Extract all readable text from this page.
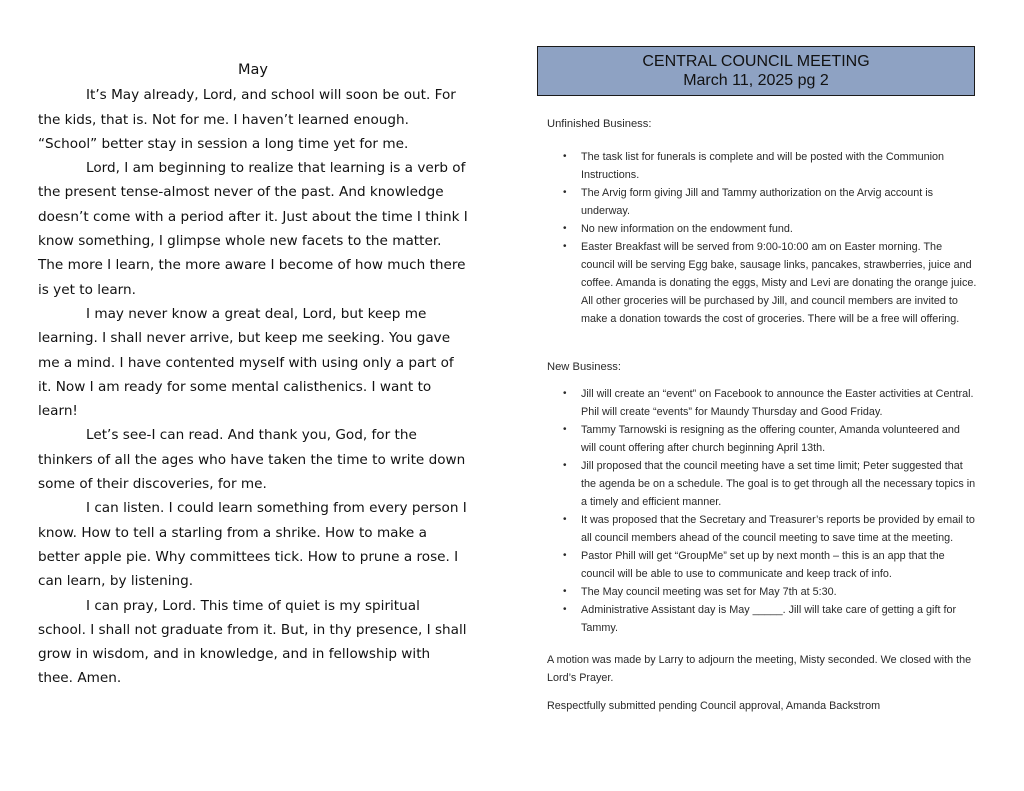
May

It’s May already, Lord, and school will soon be out. For the kids, that is. Not for me. I haven’t learned enough. “School” better stay in session a long time yet for me.

Lord, I am beginning to realize that learning is a verb of the present tense-almost never of the past. And knowledge doesn’t come with a period after it. Just about the time I think I know something, I glimpse whole new facets to the matter. The more I learn, the more aware I become of how much there is yet to learn.

I may never know a great deal, Lord, but keep me learning. I shall never arrive, but keep me seeking. You gave me a mind. I have contented myself with using only a part of it. Now I am ready for some mental calisthenics. I want to learn!

Let’s see-I can read. And thank you, God, for the thinkers of all the ages who have taken the time to write down some of their discoveries, for me.

I can listen. I could learn something from every person I know. How to tell a starling from a shrike. How to make a better apple pie. Why committees tick. How to prune a rose. I can learn, by listening.

I can pray, Lord. This time of quiet is my spiritual school. I shall not graduate from it. But, in thy presence, I shall grow in wisdom, and in knowledge, and in fellowship with thee. Amen.

CENTRAL COUNCIL MEETING
March 11, 2025 pg 2

Unfinished Business:

• The task list for funerals is complete and will be posted with the Communion Instructions.
• The Arvig form giving Jill and Tammy authorization on the Arvig account is underway.
• No new information on the endowment fund.
• Easter Breakfast will be served from 9:00-10:00 am on Easter morning. The council will be serving Egg bake, sausage links, pancakes, strawberries, juice and coffee. Amanda is donating the eggs, Misty and Levi are donating the orange juice. All other groceries will be purchased by Jill, and council members are invited to make a donation towards the cost of groceries. There will be a free will offering.

New Business:

• Jill will create an “event” on Facebook to announce the Easter activities at Central. Phil will create “events” for Maundy Thursday and Good Friday.
• Tammy Tarnowski is resigning as the offering counter, Amanda volunteered and will count offering after church beginning April 13th.
• Jill proposed that the council meeting have a set time limit; Peter suggested that the agenda be on a schedule. The goal is to get through all the necessary topics in a timely and efficient manner.
• It was proposed that the Secretary and Treasurer’s reports be provided by email to all council members ahead of the council meeting to save time at the meeting.
• Pastor Phill will get “GroupMe” set up by next month – this is an app that the council will be able to use to communicate and keep track of info.
• The May council meeting was set for May 7th at 5:30.
• Administrative Assistant day is May _____. Jill will take care of getting a gift for Tammy.

A motion was made by Larry to adjourn the meeting, Misty seconded. We closed with the Lord’s Prayer.

Respectfully submitted pending Council approval, Amanda Backstrom
